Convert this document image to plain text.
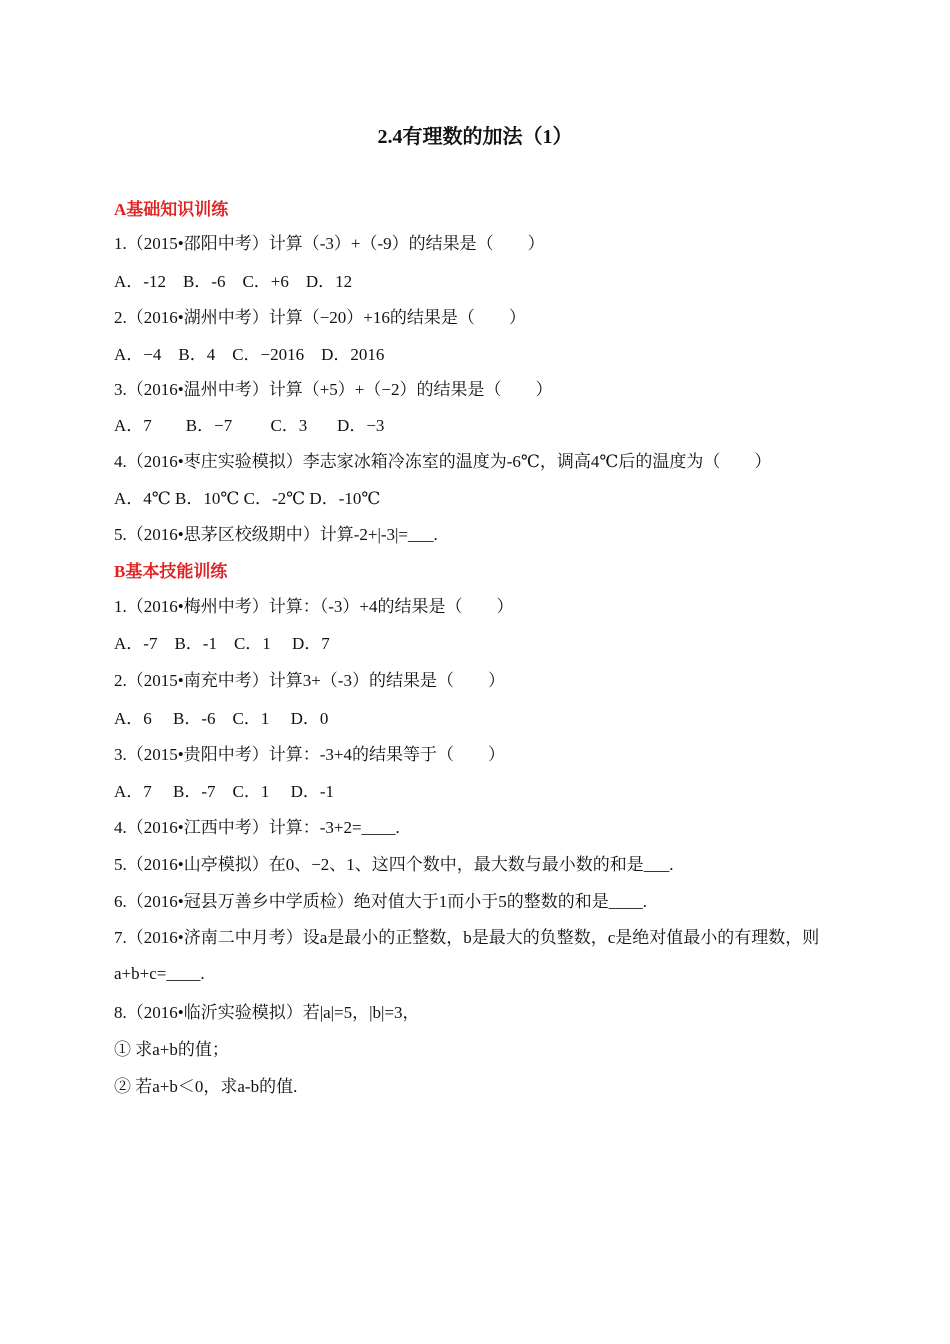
2.4有理数的加法（1）
A基础知识训练
1.（2015•邵阳中考）计算（-3）+（-9）的结果是（　　）
A．-12    B．-6    C．+6    D．12
2.（2016•湖州中考）计算（−20）+16的结果是（　　）
A．−4    B．4    C．−2016    D．2016
3.（2016•温州中考）计算（+5）+（−2）的结果是（　　）
A．7        B．−7         C．3       D．−3
4.（2016•枣庄实验模拟）李志家冰箱冷冻室的温度为-6℃，调高4℃后的温度为（　　）
A．4℃ B．10℃ C．-2℃ D．-10℃
5.（2016•思茅区校级期中）计算-2+|-3|=___.
B基本技能训练
1.（2016•梅州中考）计算：（-3）+4的结果是（　　）
A．-7    B．-1    C．1     D．7
2.（2015•南充中考）计算3+（-3）的结果是（　　）
A．6     B．-6    C．1     D．0
3.（2015•贵阳中考）计算：-3+4的结果等于（　　）
A．7     B．-7    C．1     D．-1
4.（2016•江西中考）计算：-3+2=____.
5.（2016•山亭模拟）在0、−2、1、这四个数中，最大数与最小数的和是___.
6.（2016•冠县万善乡中学质检）绝对值大于1而小于5的整数的和是____.
7.（2016•济南二中月考）设a是最小的正整数，b是最大的负整数，c是绝对值最小的有理数，则a+b+c=____.
8.（2016•临沂实验模拟）若|a|=5，|b|=3，
① 求a+b的值；
② 若a+b＜0，求a-b的值.
